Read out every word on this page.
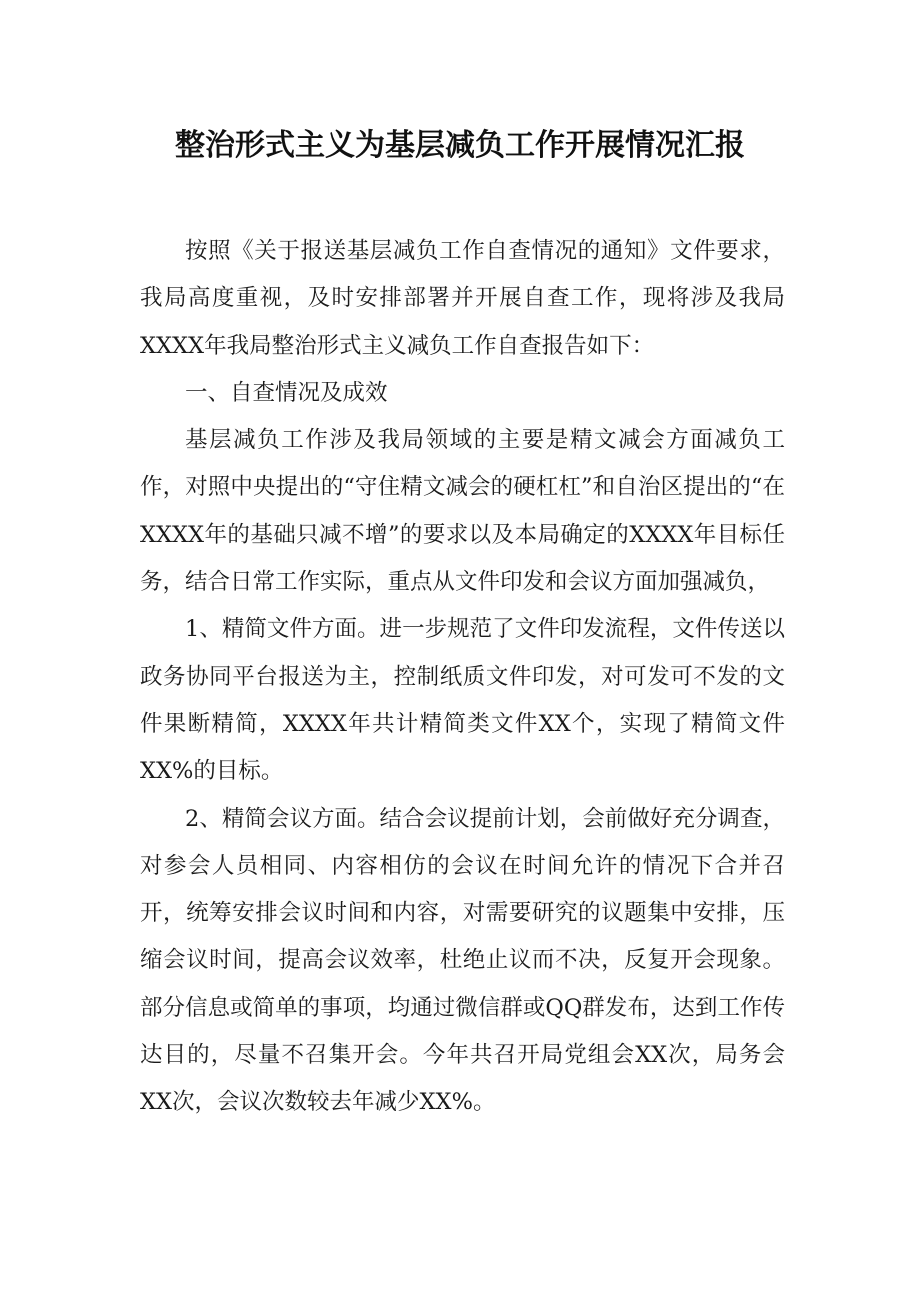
整治形式主义为基层减负工作开展情况汇报

按照《关于报送基层减负工作自查情况的通知》文件要求，我局高度重视，及时安排部署并开展自查工作，现将涉及我局XXXX年我局整治形式主义减负工作自查报告如下：

一、自查情况及成效

基层减负工作涉及我局领域的主要是精文减会方面减负工作，对照中央提出的“守住精文减会的硬杠杠”和自治区提出的“在XXXX年的基础只减不增”的要求以及本局确定的XXXX年目标任务，结合日常工作实际，重点从文件印发和会议方面加强减负，

1、精简文件方面。进一步规范了文件印发流程，文件传送以政务协同平台报送为主，控制纸质文件印发，对可发可不发的文件果断精简，XXXX年共计精简类文件XX个，实现了精简文件XX%的目标。

2、精简会议方面。结合会议提前计划，会前做好充分调查，对参会人员相同、内容相仿的会议在时间允许的情况下合并召开，统筹安排会议时间和内容，对需要研究的议题集中安排，压缩会议时间，提高会议效率，杜绝止议而不决，反复开会现象。部分信息或简单的事项，均通过微信群或QQ群发布，达到工作传达目的，尽量不召集开会。今年共召开局党组会XX次，局务会XX次，会议次数较去年减少XX%。
